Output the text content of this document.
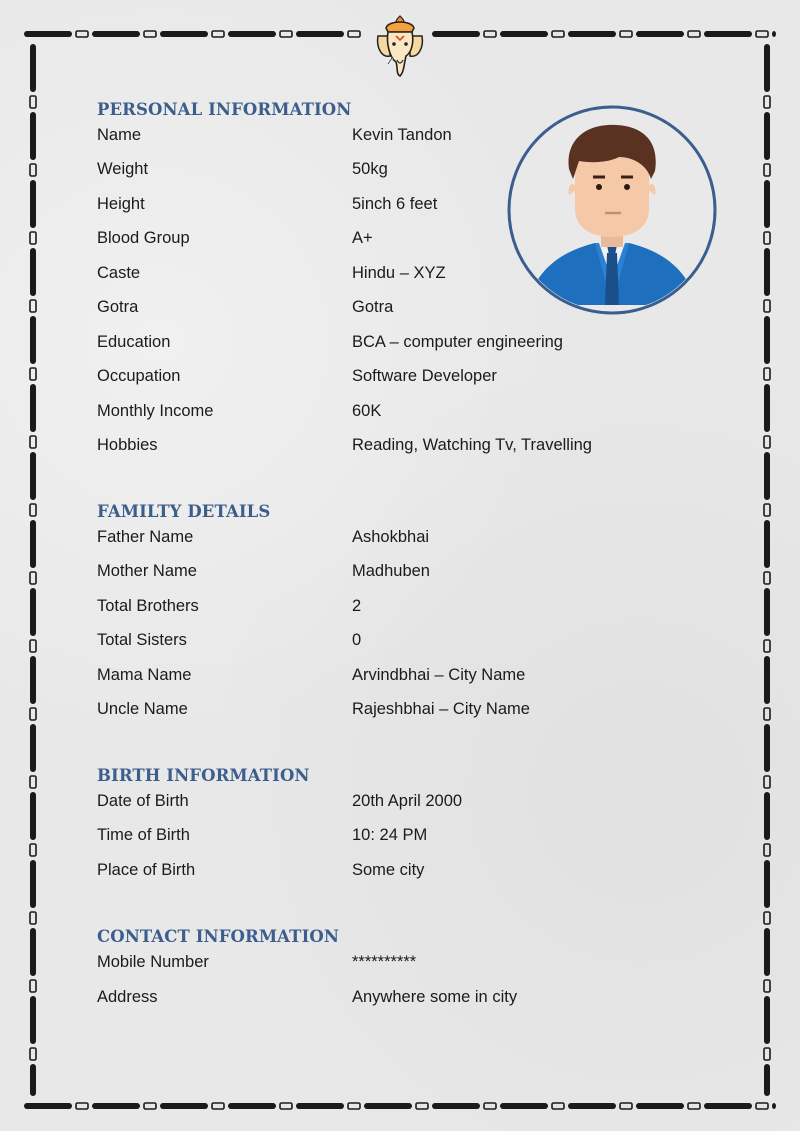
PERSONAL INFORMATION
Name	Kevin Tandon
Weight	50kg
Height	5inch 6 feet
Blood Group	A+
Caste	Hindu – XYZ
Gotra	Gotra
Education	BCA – computer engineering
Occupation	Software Developer
Monthly Income	60K
Hobbies	Reading, Watching Tv, Travelling
FAMILTY DETAILS
Father Name	Ashokbhai
Mother Name	Madhuben
Total Brothers	2
Total Sisters	0
Mama Name	Arvindbhai – City Name
Uncle Name	Rajeshbhai – City Name
BIRTH INFORMATION
Date of Birth	20th April 2000
Time of Birth	10: 24 PM
Place of Birth	Some city
CONTACT INFORMATION
Mobile Number	**********
Address	Anywhere some in city
